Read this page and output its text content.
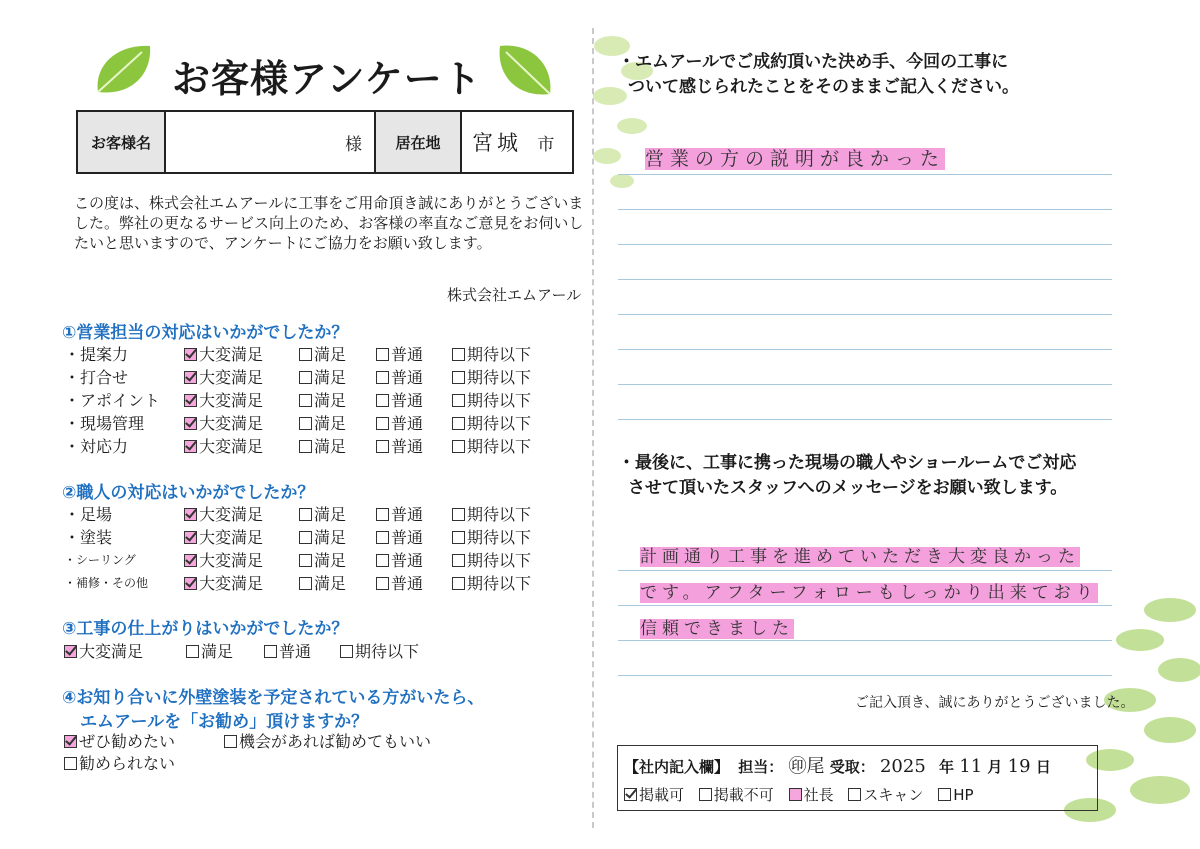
お客様アンケート
お客様名	様	居在地	宮城 市
この度は、株式会社エムアールに工事をご用命頂き誠にありがとうございました。弊社の更なるサービス向上のため、お客様の率直なご意見をお伺いしたいと思いますので、アンケートにご協力をお願い致します。
株式会社エムアール
①営業担当の対応はいかがでしたか？
・提案力	大変満足	満足	普通	期待以下
・打合せ	大変満足	満足	普通	期待以下
・アポイント	大変満足	満足	普通	期待以下
・現場管理	大変満足	満足	普通	期待以下
・対応力	大変満足	満足	普通	期待以下
②職人の対応はいかがでしたか？
・足場	大変満足	満足	普通	期待以下
・塗装	大変満足	満足	普通	期待以下
・シーリング	大変満足	満足	普通	期待以下
・補修・その他	大変満足	満足	普通	期待以下
③工事の仕上がりはいかがでしたか？
大変満足	満足	普通	期待以下
④お知り合いに外壁塗装を予定されている方がいたら、
エムアールを「お勧め」頂けますか？
ぜひ勧めたい	機会があれば勧めてもいい
勧められない
・エムアールでご成約頂いた決め手、今回の工事に
ついて感じられたことをそのままご記入ください。
営業の方の説明が良かった
・最後に、工事に携った現場の職人やショールームでご対応
させて頂いたスタッフへのメッセージをお願い致します。
計画通り工事を進めていただき大変良かった
です。アフターフォローもしっかり出来ており
信頼できました
ご記入頂き、誠にありがとうございました。
【社内記入欄】 担当： ㊞尾 受取： 2025 年 11 月 19 日
掲載可 掲載不可 社長 スキャン HP
